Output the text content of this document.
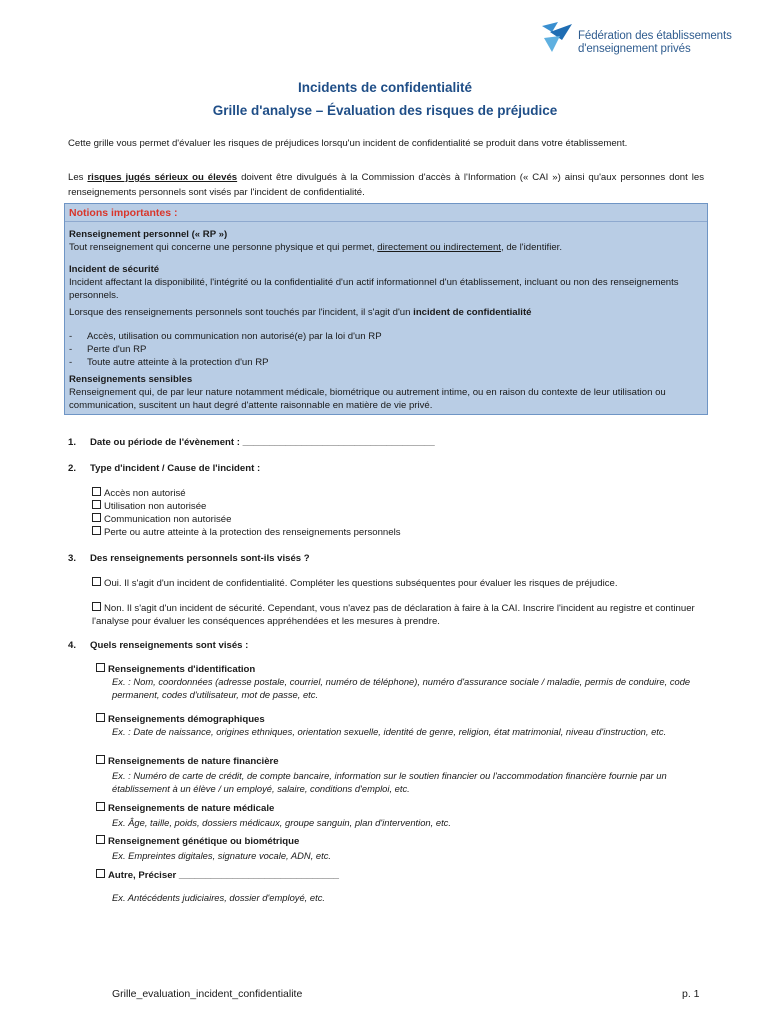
Fédération des établissements
d'enseignement privés
Incidents de confidentialité
Grille d'analyse – Évaluation des risques de préjudice
Cette grille vous permet d'évaluer les risques de préjudices lorsqu'un incident de confidentialité se produit dans votre établissement.
Les risques jugés sérieux ou élevés doivent être divulgués à la Commission d'accès à l'Information (« CAI ») ainsi qu'aux personnes dont les renseignements personnels sont visés par l'incident de confidentialité.
Notions importantes :
Renseignement personnel (« RP »)
Tout renseignement qui concerne une personne physique et qui permet, directement ou indirectement, de l'identifier.
Incident de sécurité
Incident affectant la disponibilité, l'intégrité ou la confidentialité d'un actif informationnel d'un établissement, incluant ou non des renseignements personnels.
Lorsque des renseignements personnels sont touchés par l'incident, il s'agit d'un incident de confidentialité
- Accès, utilisation ou communication non autorisé(e) par la loi d'un RP
- Perte d'un RP
- Toute autre atteinte à la protection d'un RP
Renseignements sensibles
Renseignement qui, de par leur nature notamment médicale, biométrique ou autrement intime, ou en raison du contexte de leur utilisation ou communication, suscitent un haut degré d'attente raisonnable en matière de vie privé.
1. Date ou période de l'évènement : ____________________________________
2. Type d'incident / Cause de l'incident :
Accès non autorisé
Utilisation non autorisée
Communication non autorisée
Perte ou autre atteinte à la protection des renseignements personnels
3. Des renseignements personnels sont-ils visés ?
Oui. Il s'agit d'un incident de confidentialité. Compléter les questions subséquentes pour évaluer les risques de préjudice.
Non. Il s'agit d'un incident de sécurité. Cependant, vous n'avez pas de déclaration à faire à la CAI. Inscrire l'incident au registre et continuer l'analyse pour évaluer les conséquences appréhendées et les mesures à prendre.
4. Quels renseignements sont visés :
Renseignements d'identification
Ex. : Nom, coordonnées (adresse postale, courriel, numéro de téléphone), numéro d'assurance sociale / maladie, permis de conduire, code permanent, codes d'utilisateur, mot de passe, etc.
Renseignements démographiques
Ex. : Date de naissance, origines ethniques, orientation sexuelle, identité de genre, religion, état matrimonial, niveau d'instruction, etc.
Renseignements de nature financière
Ex. : Numéro de carte de crédit, de compte bancaire, information sur le soutien financier ou l'accommodation financière fournie par un établissement à un élève / un employé, salaire, conditions d'emploi, etc.
Renseignements de nature médicale
Ex. Âge, taille, poids, dossiers médicaux, groupe sanguin, plan d'intervention, etc.
Renseignement génétique ou biométrique
Ex. Empreintes digitales, signature vocale, ADN, etc.
Autre, Préciser ______________________________
Ex. Antécédents judiciaires, dossier d'employé, etc.
Grille_evaluation_incident_confidentialite	p. 1
